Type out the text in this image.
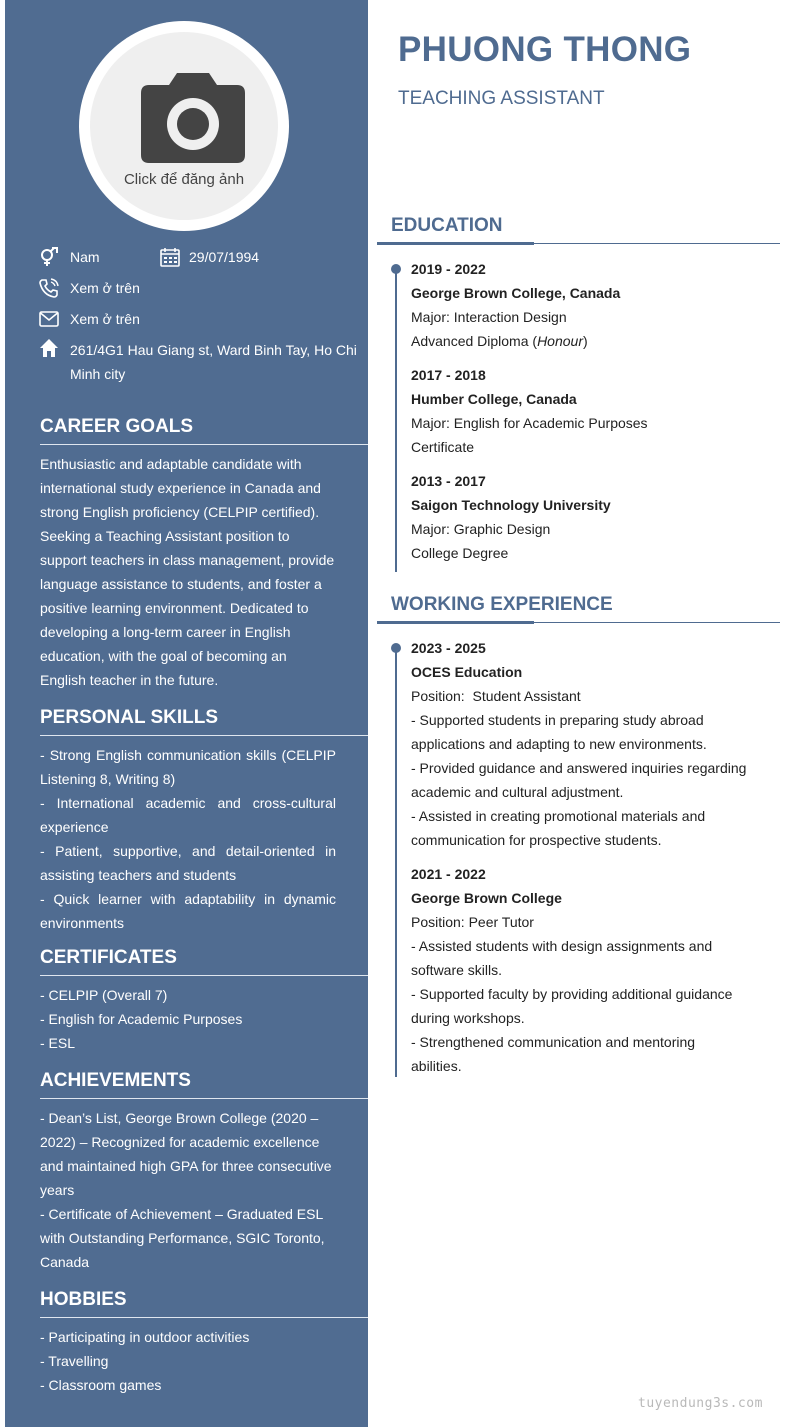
Click để đăng ảnh
Nam	29/07/1994
Xem ở trên
Xem ở trên
261/4G1 Hau Giang st, Ward Binh Tay, Ho Chi
Minh city
CAREER GOALS
Enthusiastic and adaptable candidate with
international study experience in Canada and
strong English proficiency (CELPIP certified).
Seeking a Teaching Assistant position to
support teachers in class management, provide
language assistance to students, and foster a
positive learning environment. Dedicated to
developing a long-term career in English
education, with the goal of becoming an
English teacher in the future.
PERSONAL SKILLS
- Strong English communication skills (CELPIP Listening 8, Writing 8)
- International academic and cross-cultural experience
- Patient, supportive, and detail-oriented in assisting teachers and students
- Quick learner with adaptability in dynamic environments
CERTIFICATES
- CELPIP (Overall 7)
- English for Academic Purposes
- ESL
ACHIEVEMENTS
- Dean’s List, George Brown College (2020 –
2022) – Recognized for academic excellence
and maintained high GPA for three consecutive
years
- Certificate of Achievement – Graduated ESL
with Outstanding Performance, SGIC Toronto,
Canada
HOBBIES
- Participating in outdoor activities
- Travelling
- Classroom games
PHUONG THONG
TEACHING ASSISTANT
EDUCATION
2019 - 2022
George Brown College, Canada
Major: Interaction Design
Advanced Diploma (Honour)
2017 - 2018
Humber College, Canada
Major: English for Academic Purposes
Certificate
2013 - 2017
Saigon Technology University
Major: Graphic Design
College Degree
WORKING EXPERIENCE
2023 - 2025
OCES Education
Position:  Student Assistant
- Supported students in preparing study abroad
applications and adapting to new environments.
- Provided guidance and answered inquiries regarding
academic and cultural adjustment.
- Assisted in creating promotional materials and
communication for prospective students.
2021 - 2022
George Brown College
Position: Peer Tutor
- Assisted students with design assignments and
software skills.
- Supported faculty by providing additional guidance
during workshops.
- Strengthened communication and mentoring
abilities.
tuyendung3s.com
